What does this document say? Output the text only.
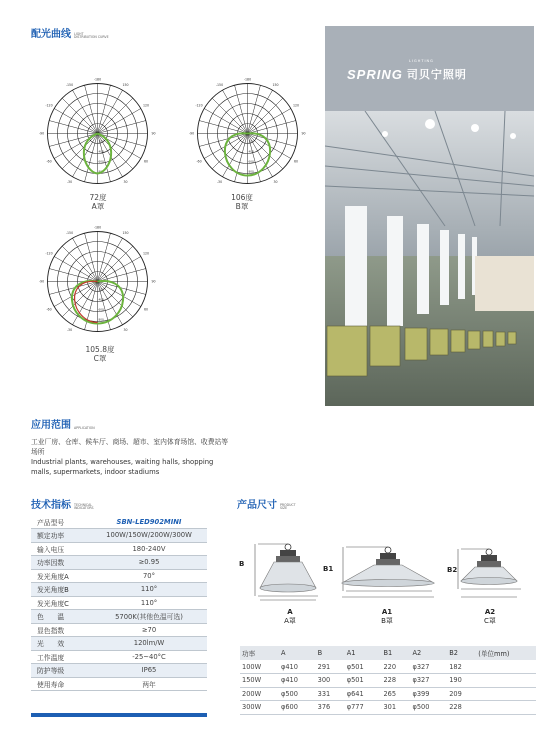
配光曲线 LIGHT
DISTRIBUTION CURVE
-180
-150	150
-120	120
-90	90
-60	60
-30	30
200
400
600
800
72度
A罩
-180
-150	150
-120	120
-90	90
-60	60
-30	30
200
400
600
800
106度
B罩
-180
-150	150
-120	120
-90	90
-60	60
-30	30
200
400
600
800
105.8度
C罩
LIGHTING
SPRING 司贝宁照明
应用范围 APPLICATION
工业厂房、仓库、候车厅、商场、超市、室内体育场馆、收费站等场所
Industrial plants, warehouses, waiting halls, shopping malls, supermarkets, indoor stadiums
技术指标 TECHNICAL
INDICATORS
产品型号	SBN-LED902MINI
额定功率	100W/150W/200W/300W
输入电压	180-240V
功率因数	≥0.95
发光角度A	70°
发光角度B	110°
发光角度C	110°
色　　温	5700K(其他色温可选)
显色指数	≥70
光　　效	120lm/W
工作温度	-25~40°C
防护等级	IP65
使用寿命	两年
产品尺寸 PRODUCT
SIZE
B
A
A罩
B1
A1
B罩
B2
A2
C罩
功率	A	B	A1	B1	A2	B2	(单位mm)
100W	φ410	291	φ501	220	φ327	182	
150W	φ410	300	φ501	228	φ327	190	
200W	φ500	331	φ641	265	φ399	209	
300W	φ600	376	φ777	301	φ500	228	
